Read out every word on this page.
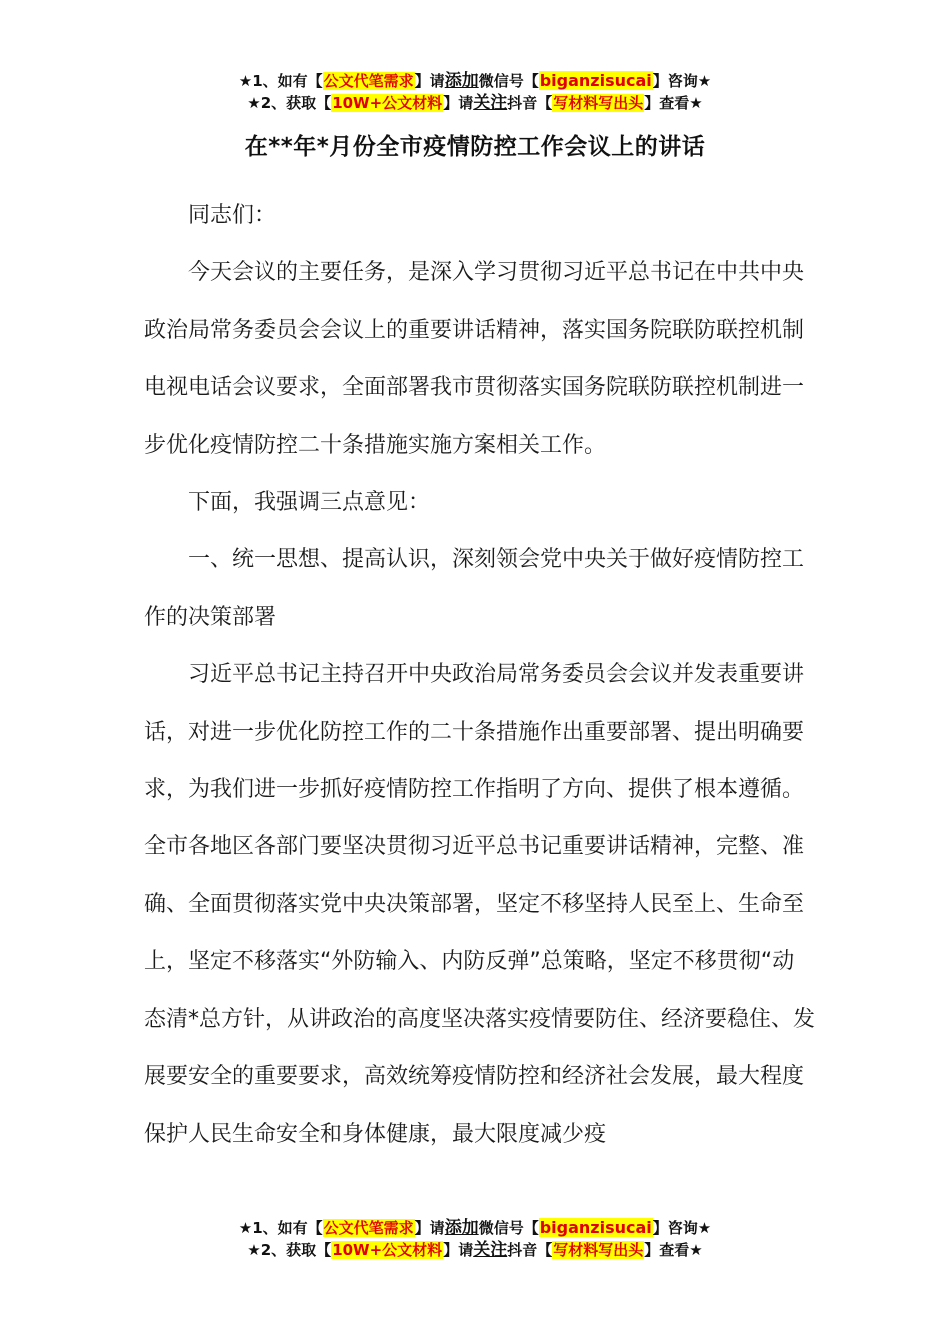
★1、如有【公文代笔需求】请添加微信号【biganzisucai】咨询★
★2、获取【10W+公文材料】请关注抖音【写材料写出头】查看★
在**年*月份全市疫情防控工作会议上的讲话

同志们：

今天会议的主要任务，是深入学习贯彻习近平总书记在中共中央政治局常务委员会会议上的重要讲话精神，落实国务院联防联控机制电视电话会议要求，全面部署我市贯彻落实国务院联防联控机制进一步优化疫情防控二十条措施实施方案相关工作。

下面，我强调三点意见：

一、统一思想、提高认识，深刻领会党中央关于做好疫情防控工作的决策部署

习近平总书记主持召开中央政治局常务委员会会议并发表重要讲话，对进一步优化防控工作的二十条措施作出重要部署、提出明确要求，为我们进一步抓好疫情防控工作指明了方向、提供了根本遵循。全市各地区各部门要坚决贯彻习近平总书记重要讲话精神，完整、准确、全面贯彻落实党中央决策部署，坚定不移坚持人民至上、生命至上，坚定不移落实“外防输入、内防反弹”总策略，坚定不移贯彻“动态清*总方针，从讲政治的高度坚决落实疫情要防住、经济要稳住、发展要安全的重要要求，高效统筹疫情防控和经济社会发展，最大程度保护人民生命安全和身体健康，最大限度减少疫

★1、如有【公文代笔需求】请添加微信号【biganzisucai】咨询★
★2、获取【10W+公文材料】请关注抖音【写材料写出头】查看★
